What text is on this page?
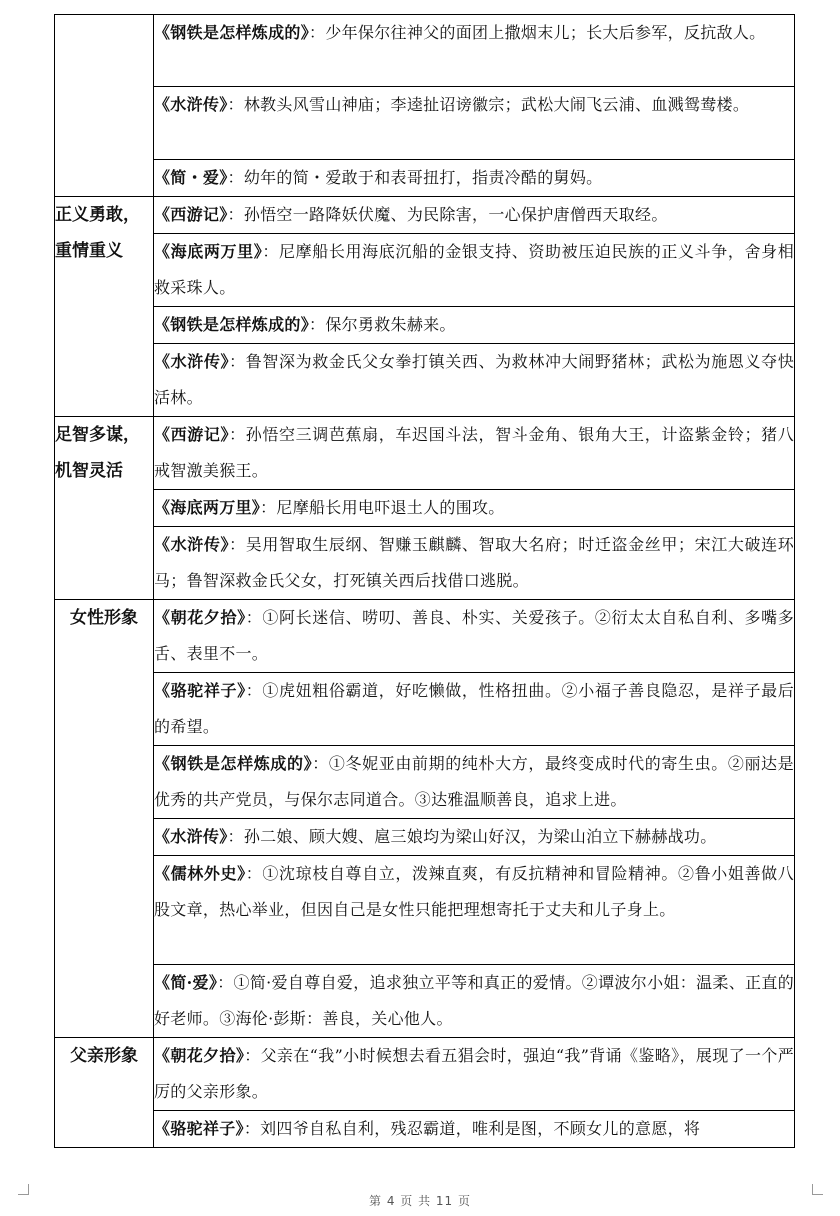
	《钢铁是怎样炼成的》：少年保尔往神父的面团上撒烟末儿；长大后参军，反抗敌人。
	《水浒传》：林教头风雪山神庙；李逵扯诏谤徽宗；武松大闹飞云浦、血溅鸳鸯楼。
	《简・爱》：幼年的简・爱敢于和表哥扭打，指责冷酷的舅妈。
正义勇敢，重情重义	《西游记》：孙悟空一路降妖伏魔、为民除害，一心保护唐僧西天取经。
	《海底两万里》：尼摩船长用海底沉船的金银支持、资助被压迫民族的正义斗争，舍身相救采珠人。
	《钢铁是怎样炼成的》：保尔勇救朱赫来。
	《水浒传》：鲁智深为救金氏父女拳打镇关西、为救林冲大闹野猪林；武松为施恩义夺快活林。
足智多谋，机智灵活	《西游记》：孙悟空三调芭蕉扇，车迟国斗法，智斗金角、银角大王，计盗紫金铃；猪八戒智激美猴王。
	《海底两万里》：尼摩船长用电吓退土人的围攻。
	《水浒传》：吴用智取生辰纲、智赚玉麒麟、智取大名府；时迁盗金丝甲；宋江大破连环马；鲁智深救金氏父女，打死镇关西后找借口逃脱。
女性形象	《朝花夕拾》：①阿长迷信、唠叨、善良、朴实、关爱孩子。②衍太太自私自利、多嘴多舌、表里不一。
	《骆驼祥子》：①虎妞粗俗霸道，好吃懒做，性格扭曲。②小福子善良隐忍，是祥子最后的希望。
	《钢铁是怎样炼成的》：①冬妮亚由前期的纯朴大方，最终变成时代的寄生虫。②丽达是优秀的共产党员，与保尔志同道合。③达雅温顺善良，追求上进。
	《水浒传》：孙二娘、顾大嫂、扈三娘均为梁山好汉，为梁山泊立下赫赫战功。
	《儒林外史》：①沈琼枝自尊自立，泼辣直爽，有反抗精神和冒险精神。②鲁小姐善做八股文章，热心举业，但因自己是女性只能把理想寄托于丈夫和儿子身上。
	《简·爱》：①简·爱自尊自爱，追求独立平等和真正的爱情。②谭波尔小姐：温柔、正直的好老师。③海伦·彭斯：善良，关心他人。
父亲形象	《朝花夕拾》：父亲在“我”小时候想去看五猖会时，强迫“我”背诵《鉴略》，展现了一个严厉的父亲形象。
	《骆驼祥子》：刘四爷自私自利，残忍霸道，唯利是图，不顾女儿的意愿，将
第 4 页 共 11 页
